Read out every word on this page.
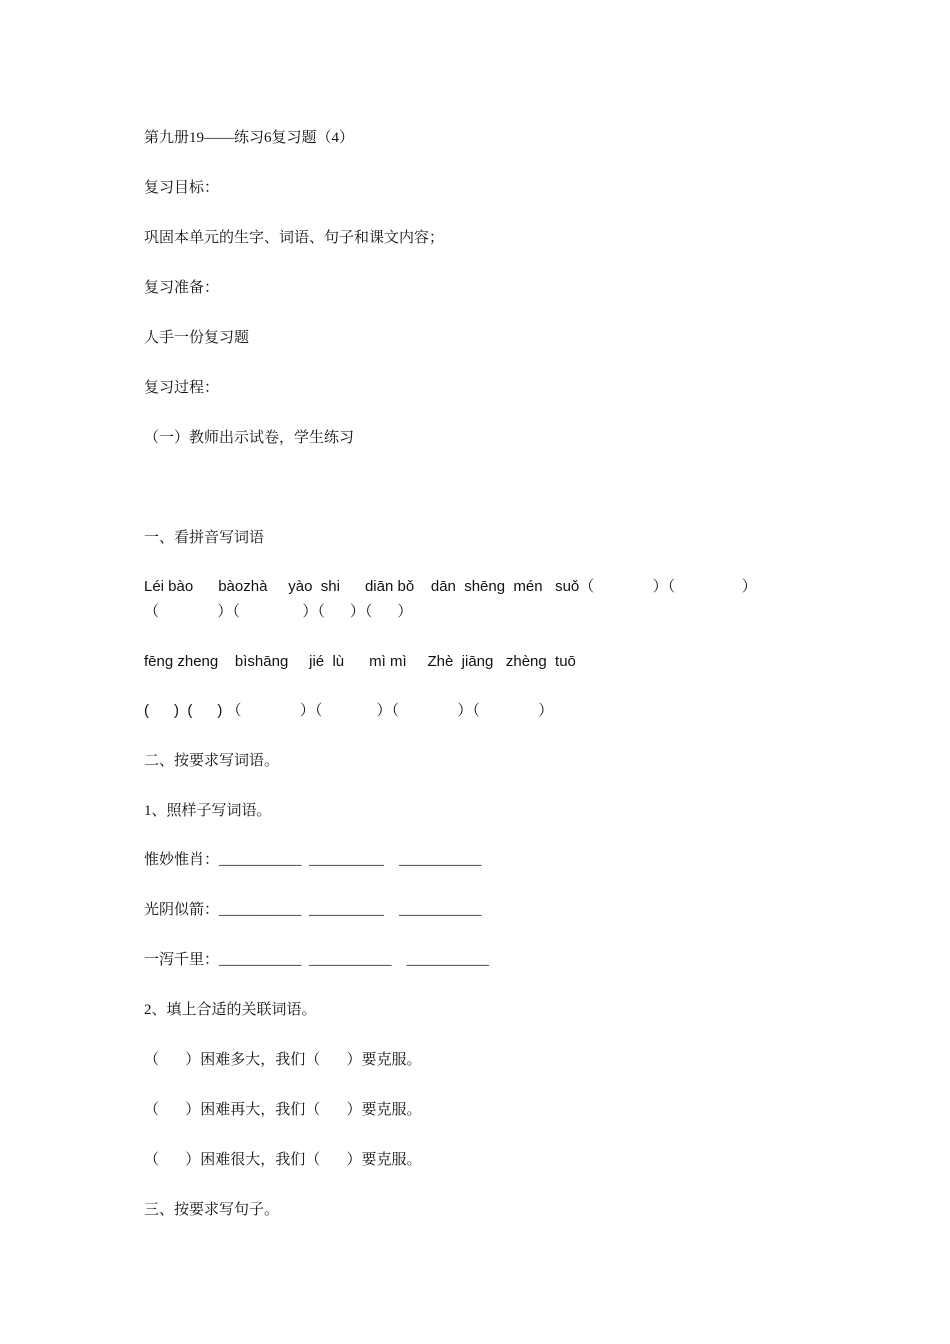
第九册19——练习6复习题（4）
复习目标：
巩固本单元的生字、词语、句子和课文内容；
复习准备：
人手一份复习题
复习过程：
（一）教师出示试卷，学生练习
一、看拼音写词语
Léi bào      bàozhà     yào  shi      diān bǒ    dān  shēng  mén   suǒ（              ）（                ）
（              ）（               ）（      ）（      ）
fēng zheng    bìshāng     jié  lù      mì mì     Zhè  jiāng   zhèng  tuō
(      )  (      ) （              ）（             ）（              ）（              ）
二、按要求写词语。
1、照样子写词语。
惟妙惟肖：___________  __________    ___________
光阴似箭：___________  __________    ___________
一泻千里：___________  ___________    ___________
2、填上合适的关联词语。
（       ）困难多大，我们（       ）要克服。
（       ）困难再大，我们（       ）要克服。
（       ）困难很大，我们（       ）要克服。
三、按要求写句子。
